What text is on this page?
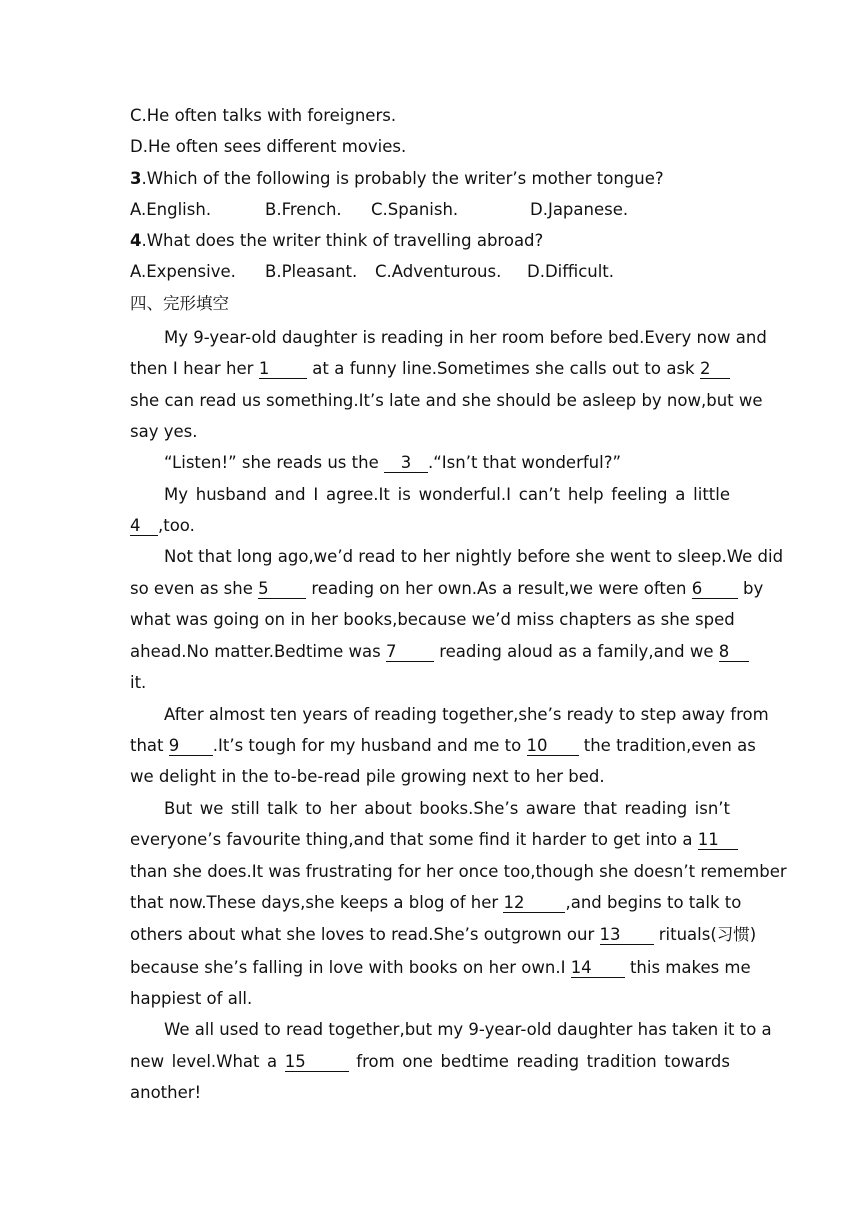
C.He often talks with foreigners.
D.He often sees different movies.
3.Which of the following is probably the writer’s mother tongue?
A.English.	B.French. C.Spanish.	D.Japanese.
4.What does the writer think of travelling abroad?
A.Expensive. B.Pleasant. C.Adventurous. D.Difficult.
四、完形填空
My 9-year-old daughter is reading in her room before bed.Every now and
then I hear her 1	at a funny line.Sometimes she calls out to ask 2
she can read us something.It’s late and she should be asleep by now,but we
say yes.
“Listen!” she reads us the 3 .“Isn’t that wonderful?”
My husband and I agree.It is wonderful.I can’t help feeling a little
4 ,too.
Not that long ago,we’d read to her nightly before she went to sleep.We did
so even as she 5	reading on her own.As a result,we were often 6 by
what was going on in her books,because we’d miss chapters as she sped
ahead.No matter.Bedtime was 7	reading aloud as a family,and we 8
it.
After almost ten years of reading together,she’s ready to step away from
that 9 .It’s tough for my husband and me to 10 the tradition,even as
we delight in the to-be-read pile growing next to her bed.
But we still talk to her about books.She’s aware that reading isn’t
everyone’s favourite thing,and that some find it harder to get into a 11
than she does.It was frustrating for her once too,though she doesn’t remember
that now.These days,she keeps a blog of her 12 ,and begins to talk to
others about what she loves to read.She’s outgrown our 13 rituals(习惯)
because she’s falling in love with books on her own.I 14 this makes me
happiest of all.
We all used to read together,but my 9-year-old daughter has taken it to a
new level.What a 15	from one bedtime reading tradition towards
another!
